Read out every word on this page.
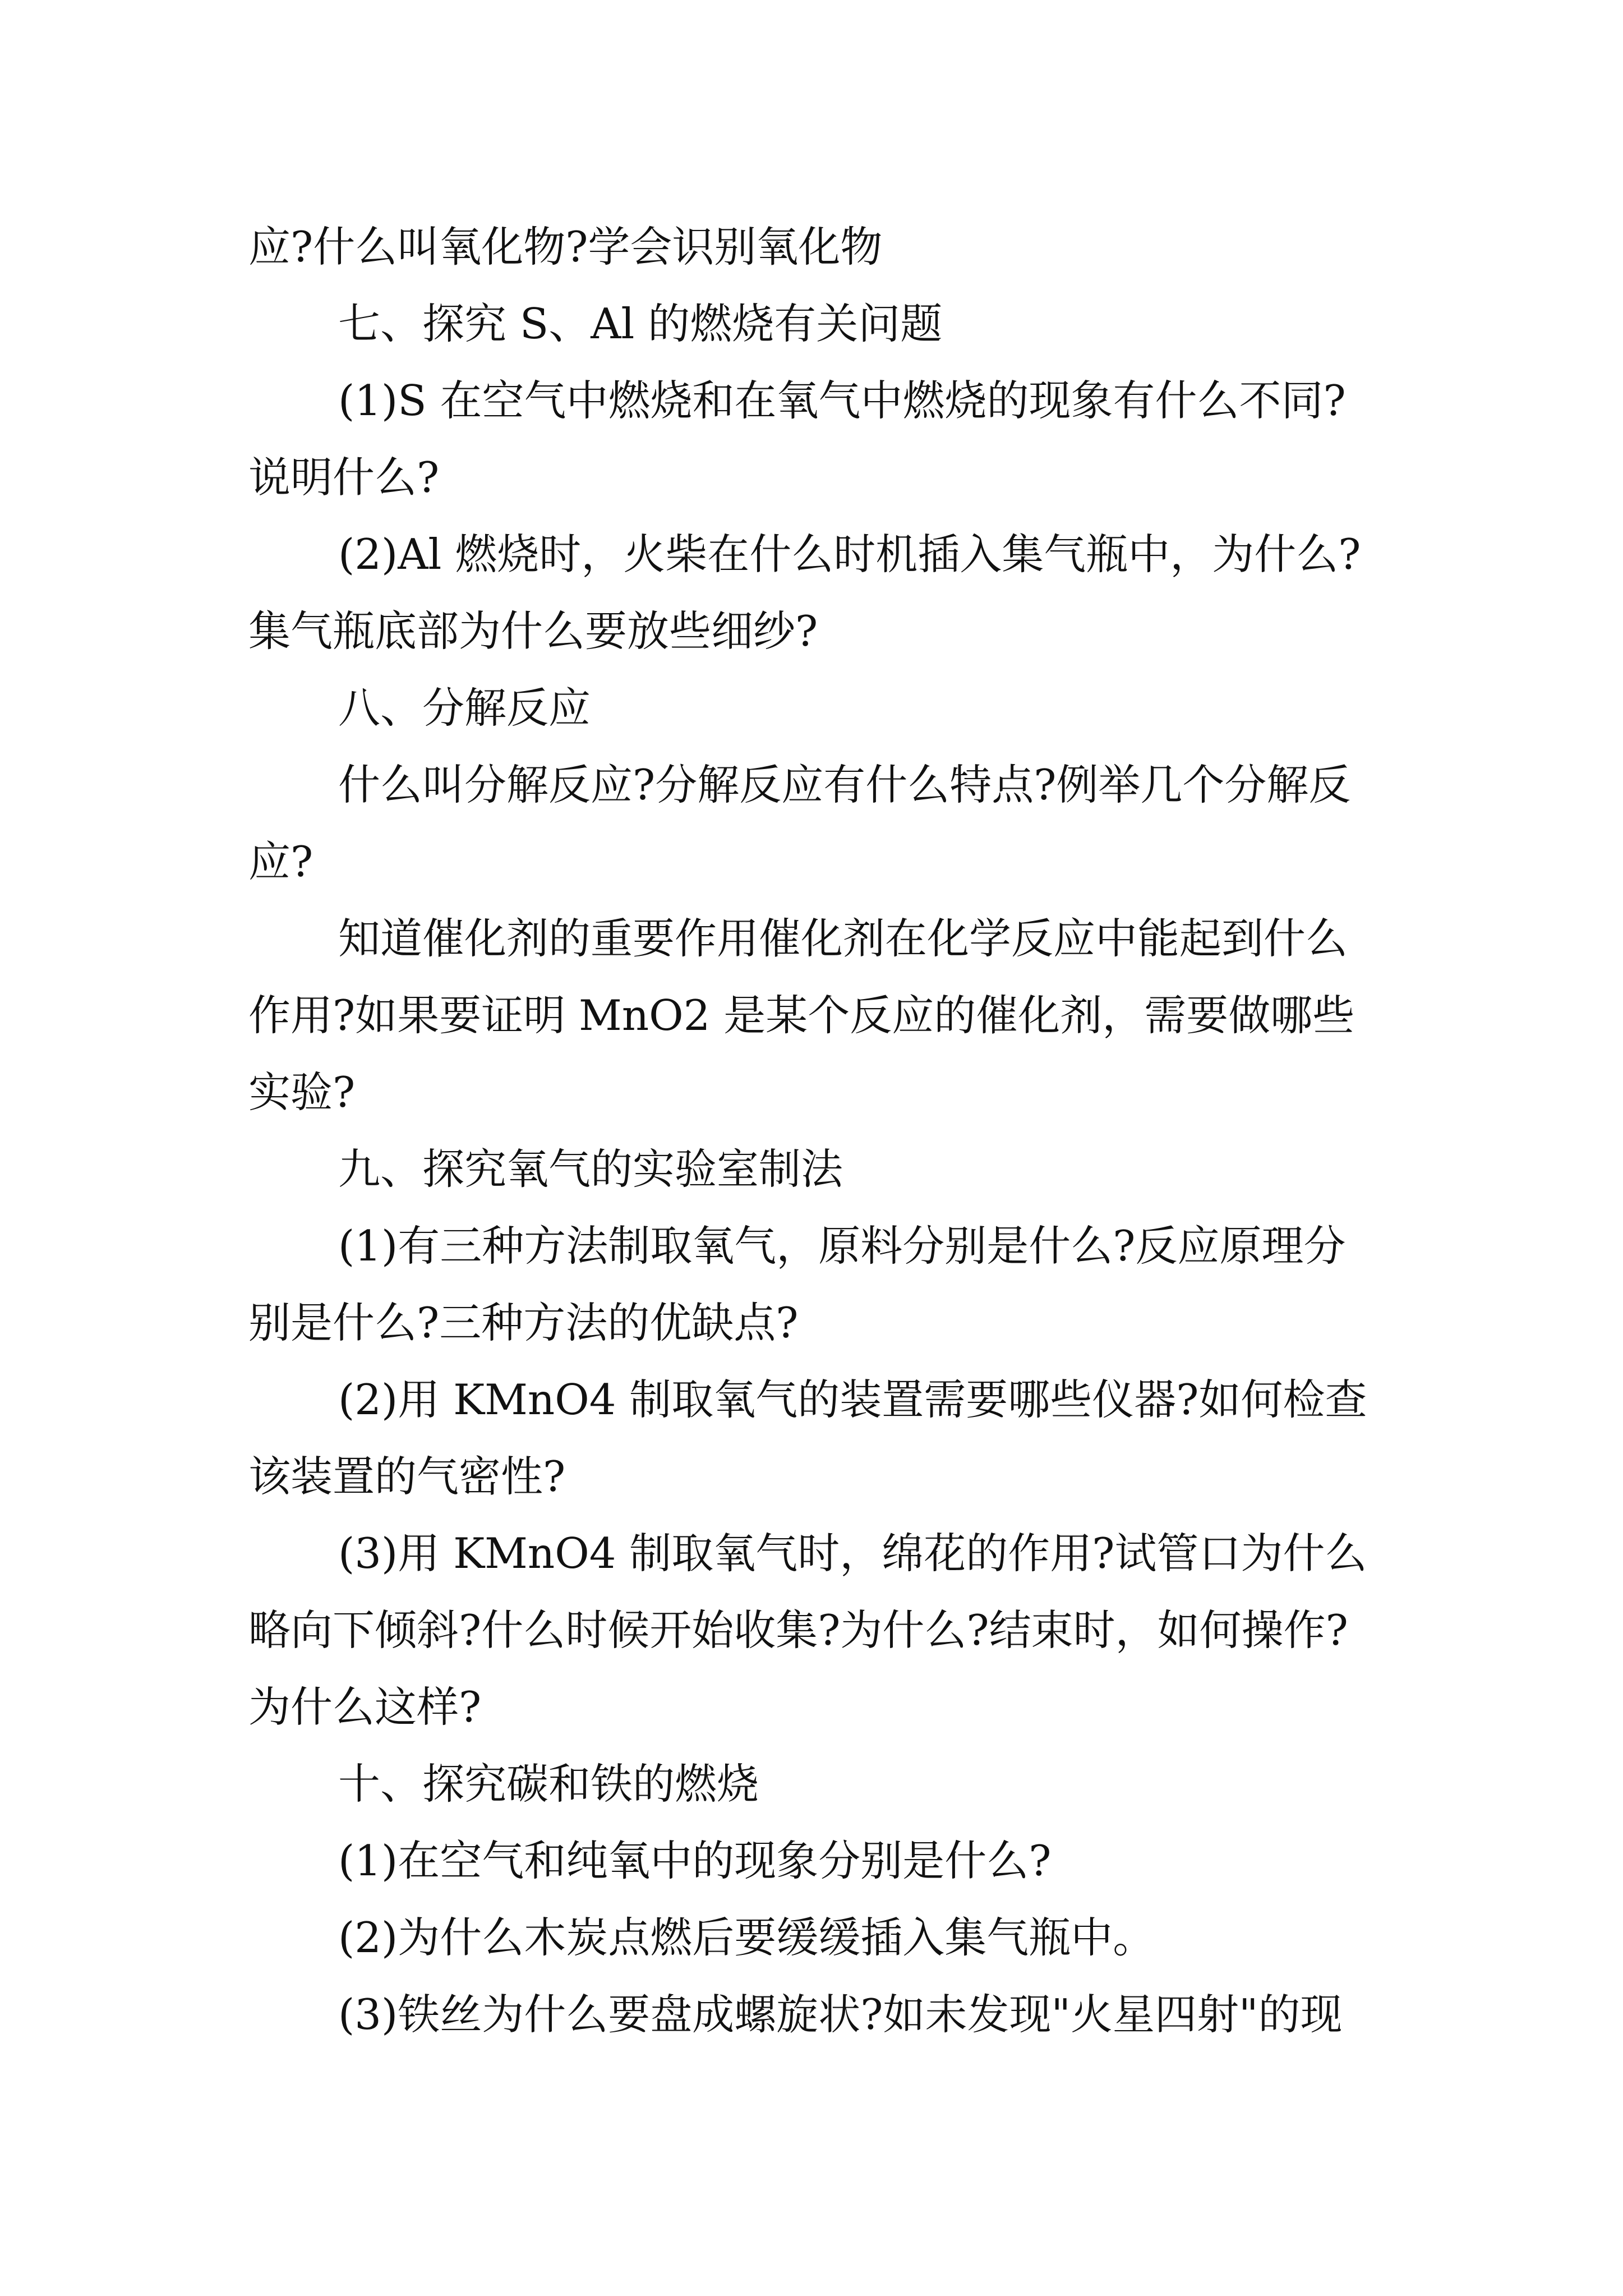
应?什么叫氧化物?学会识别氧化物

七、探究 S、Al 的燃烧有关问题

(1)S 在空气中燃烧和在氧气中燃烧的现象有什么不同?说明什么?

(2)Al 燃烧时，火柴在什么时机插入集气瓶中，为什么?集气瓶底部为什么要放些细纱?

八、分解反应

什么叫分解反应?分解反应有什么特点?例举几个分解反应?

知道催化剂的重要作用催化剂在化学反应中能起到什么作用?如果要证明 MnO2 是某个反应的催化剂，需要做哪些实验?

九、探究氧气的实验室制法

(1)有三种方法制取氧气，原料分别是什么?反应原理分别是什么?三种方法的优缺点?

(2)用 KMnO4 制取氧气的装置需要哪些仪器?如何检查该装置的气密性?

(3)用 KMnO4 制取氧气时，绵花的作用?试管口为什么略向下倾斜?什么时候开始收集?为什么?结束时，如何操作?为什么这样?

十、探究碳和铁的燃烧

(1)在空气和纯氧中的现象分别是什么?

(2)为什么木炭点燃后要缓缓插入集气瓶中。

(3)铁丝为什么要盘成螺旋状?如未发现"火星四射"的现
